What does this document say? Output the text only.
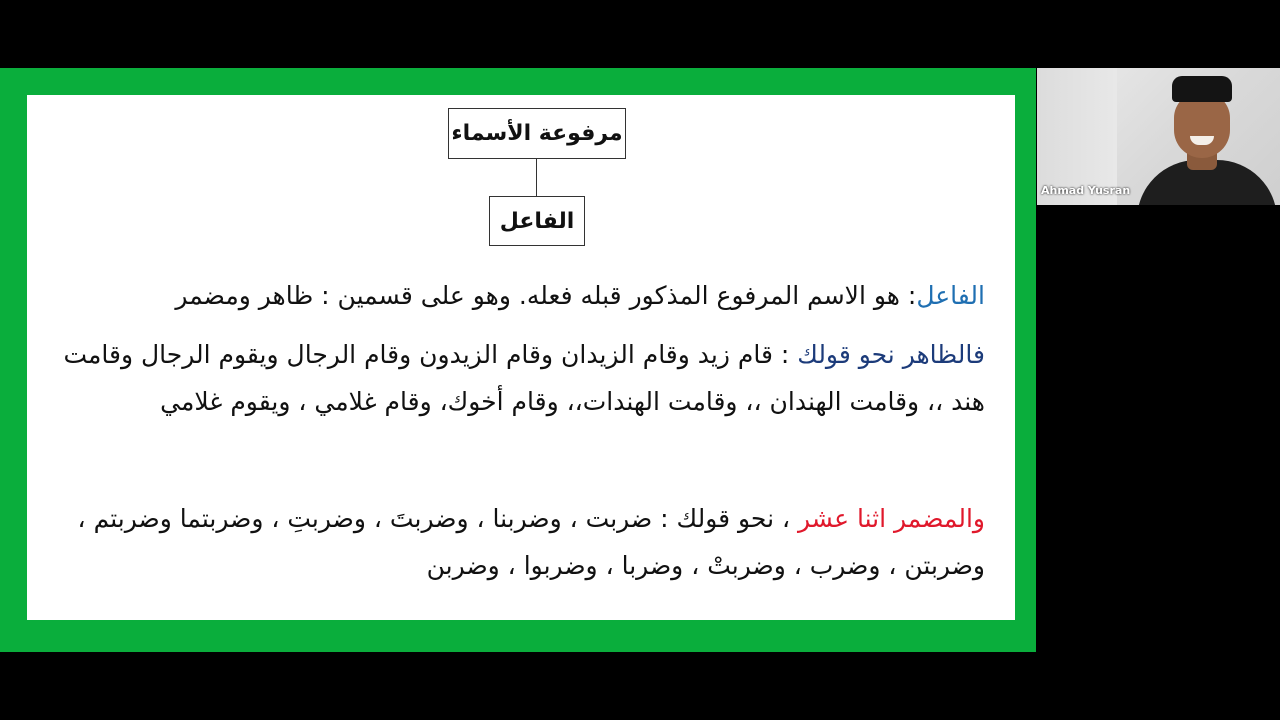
مرفوعة الأسماء
الفاعل
الفاعل: هو الاسم المرفوع المذكور قبله فعله. وهو على قسمين : ظاهر ومضمر
فالظاهر نحو قولك : قام زيد وقام الزيدان وقام الزيدون وقام الرجال ويقوم الرجال وقامت هند ،، وقامت الهندان ،، وقامت الهندات،، وقام أخوك، وقام غلامي ، ويقوم غلامي
والمضمر اثنا عشر ، نحو قولك : ضربت ، وضربنا ، وضربتَ ، وضربتِ ، وضربتما وضربتم ، وضربتن ، وضرب ، وضربتْ ، وضربا ، وضربوا ، وضربن
Ahmad Yusran
